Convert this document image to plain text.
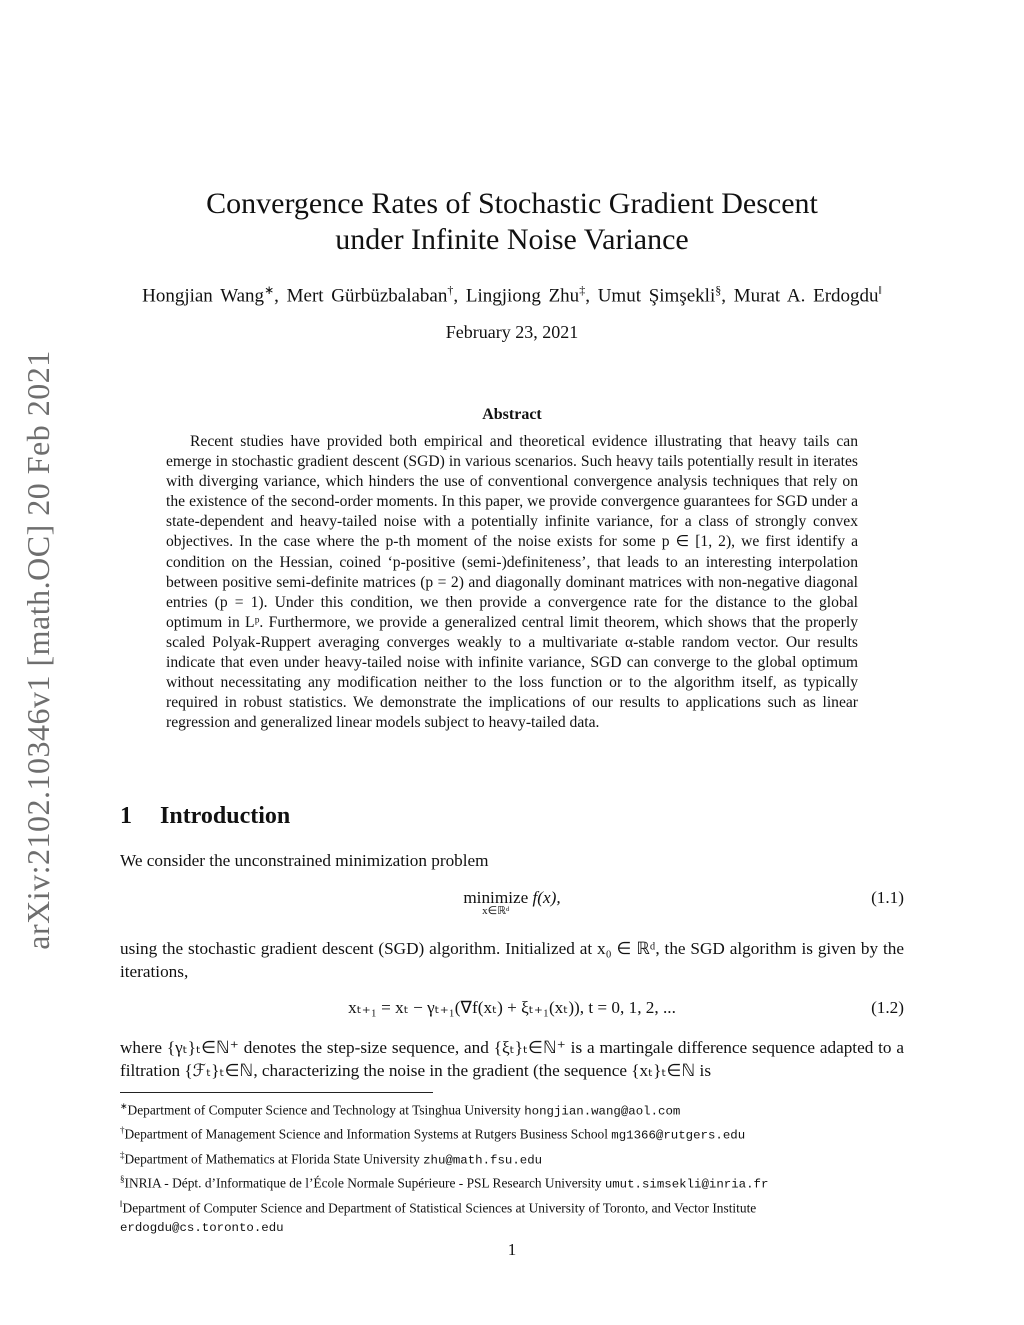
arXiv:2102.10346v1 [math.OC] 20 Feb 2021
Convergence Rates of Stochastic Gradient Descent
under Infinite Noise Variance
Hongjian Wang∗, Mert Gürbüzbalaban†, Lingjiong Zhu‡, Umut Şimşekli§, Murat A. Erdogdu‖
February 23, 2021
Abstract

Recent studies have provided both empirical and theoretical evidence illustrating that heavy tails can emerge in stochastic gradient descent (SGD) in various scenarios. Such heavy tails potentially result in iterates with diverging variance, which hinders the use of conventional convergence analysis techniques that rely on the existence of the second-order moments. In this paper, we provide convergence guarantees for SGD under a state-dependent and heavy-tailed noise with a potentially infinite variance, for a class of strongly convex objectives. In the case where the p-th moment of the noise exists for some p ∈ [1, 2), we first identify a condition on the Hessian, coined ‘p-positive (semi-)definiteness’, that leads to an interesting interpolation between positive semi-definite matrices (p = 2) and diagonally dominant matrices with non-negative diagonal entries (p = 1). Under this condition, we then provide a convergence rate for the distance to the global optimum in Lᵖ. Furthermore, we provide a generalized central limit theorem, which shows that the properly scaled Polyak-Ruppert averaging converges weakly to a multivariate α-stable random vector. Our results indicate that even under heavy-tailed noise with infinite variance, SGD can converge to the global optimum without necessitating any modification neither to the loss function or to the algorithm itself, as typically required in robust statistics. We demonstrate the implications of our results to applications such as linear regression and generalized linear models subject to heavy-tailed data.

1 Introduction

We consider the unconstrained minimization problem

minimize
x∈ℝᵈ
f(x),	(1.1)

using the stochastic gradient descent (SGD) algorithm. Initialized at x₀ ∈ ℝᵈ, the SGD algorithm is given by the iterations,

xₜ₊₁ = xₜ − γₜ₊₁(∇f(xₜ) + ξₜ₊₁(xₜ)), t = 0, 1, 2, ...	(1.2)

where {γₜ}ₜ∈ℕ⁺ denotes the step-size sequence, and {ξₜ}ₜ∈ℕ⁺ is a martingale difference sequence adapted to a filtration {ℱₜ}ₜ∈ℕ, characterizing the noise in the gradient (the sequence {xₜ}ₜ∈ℕ is

∗Department of Computer Science and Technology at Tsinghua University hongjian.wang@aol.com

†Department of Management Science and Information Systems at Rutgers Business School mg1366@rutgers.edu

‡Department of Mathematics at Florida State University zhu@math.fsu.edu

§INRIA - Dépt. d’Informatique de l’École Normale Supérieure - PSL Research University umut.simsekli@inria.fr

‖Department of Computer Science and Department of Statistical Sciences at University of Toronto, and Vector Institute erdogdu@cs.toronto.edu

1
